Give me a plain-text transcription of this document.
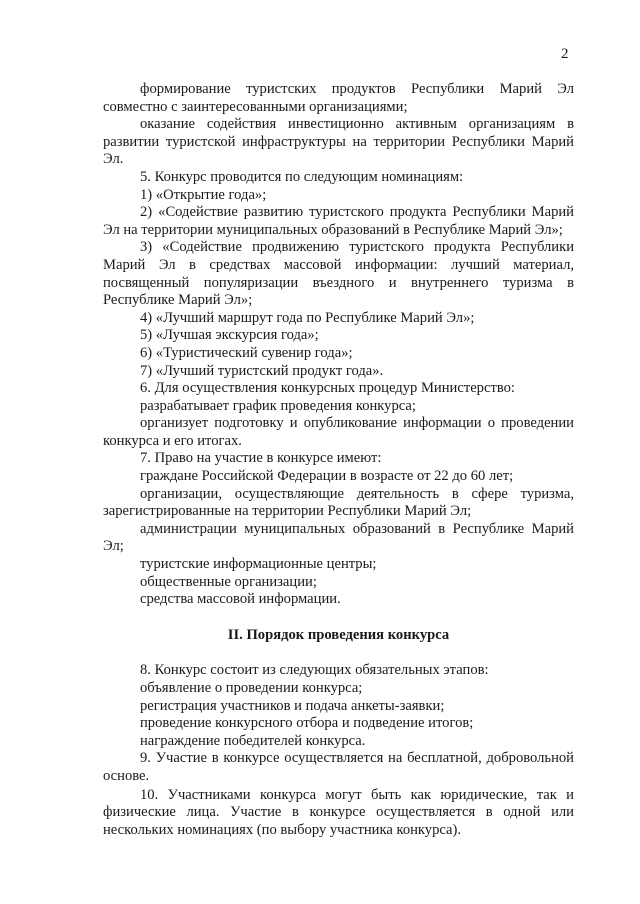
2

формирование туристских продуктов Республики Марий Эл совместно с заинтересованными организациями;

оказание содействия инвестиционно активным организациям в развитии туристской инфраструктуры на территории Республики Марий Эл.

5. Конкурс проводится по следующим номинациям:

1) «Открытие года»;

2) «Содействие развитию туристского продукта Республики Марий Эл на территории муниципальных образований в Республике Марий Эл»;

3) «Содействие продвижению туристского продукта Республики Марий Эл в средствах массовой информации: лучший материал, посвященный популяризации въездного и внутреннего туризма в Республике Марий Эл»;

4) «Лучший маршрут года по Республике Марий Эл»;

5) «Лучшая экскурсия года»;

6) «Туристический сувенир года»;

7) «Лучший туристский продукт года».

6. Для осуществления конкурсных процедур Министерство:

разрабатывает график проведения конкурса;

организует подготовку и опубликование информации о проведении конкурса и его итогах.

7. Право на участие в конкурсе имеют:

граждане Российской Федерации в возрасте от 22 до 60 лет;

организации, осуществляющие деятельность в сфере туризма, зарегистрированные на территории Республики Марий Эл;

администрации муниципальных образований в Республике Марий Эл;

туристские информационные центры;

общественные организации;

средства массовой информации.

II. Порядок проведения конкурса

8. Конкурс состоит из следующих обязательных этапов:

объявление о проведении конкурса;

регистрация участников и подача анкеты-заявки;

проведение конкурсного отбора и подведение итогов;

награждение победителей конкурса.

9. Участие в конкурсе осуществляется на бесплатной, добровольной основе.

10. Участниками конкурса могут быть как юридические, так и физические лица. Участие в конкурсе осуществляется в одной или нескольких номинациях (по выбору участника конкурса).
